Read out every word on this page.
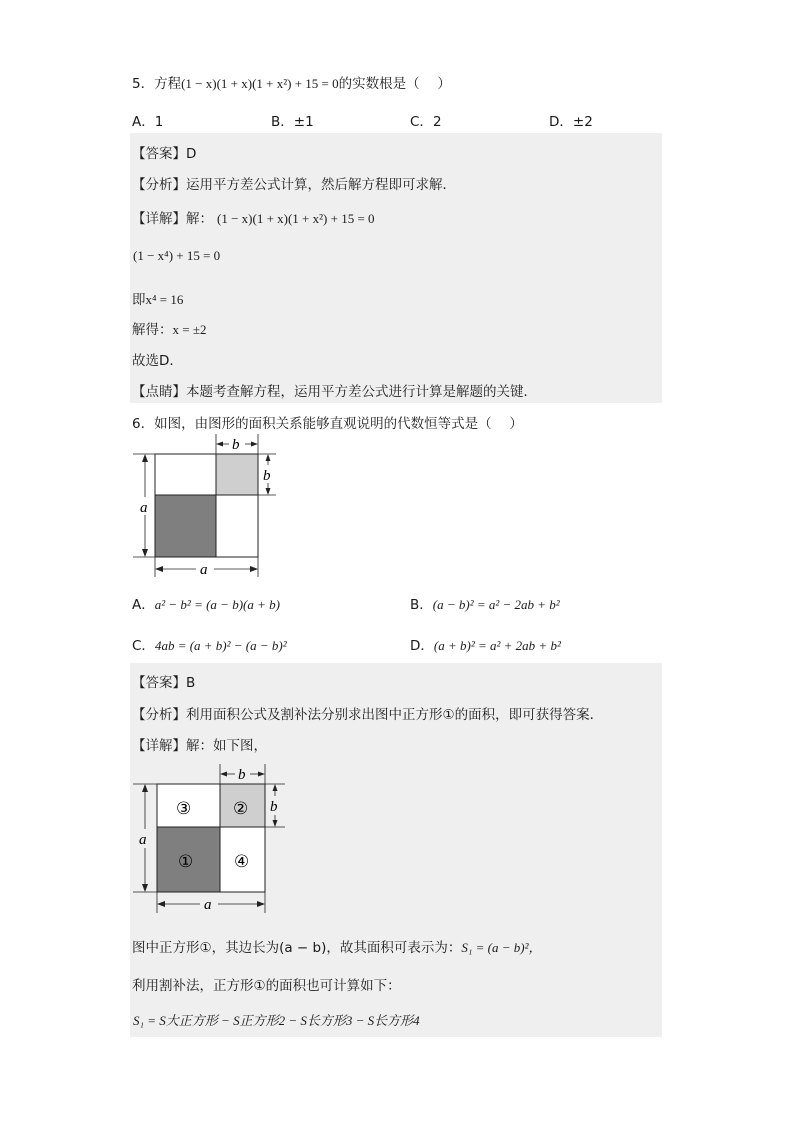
5．方程(1 − x)(1 + x)(1 + x²) + 15 = 0的实数根是（　 ）
A．1	B．±1	C．2	D．±2
【答案】D
【分析】运用平方差公式计算，然后解方程即可求解．
【详解】解： (1 − x)(1 + x)(1 + x²) + 15 = 0
(1 − x⁴) + 15 = 0
即x⁴ = 16
解得：x = ±2
故选D．
【点睛】本题考查解方程，运用平方差公式进行计算是解题的关键．
6．如图，由图形的面积关系能够直观说明的代数恒等式是（　 ）
a
a
b
b
A．a² − b² = (a − b)(a + b)	B．(a − b)² = a² − 2ab + b²
C．4ab = (a + b)² − (a − b)²	D．(a + b)² = a² + 2ab + b²
【答案】B
【分析】利用面积公式及割补法分别求出图中正方形①的面积，即可获得答案．
【详解】解：如下图，
③ ②
① ④
a
a
b
b
图中正方形①，其边长为(a − b)，故其面积可表示为：S₁ = (a − b)²，
利用割补法，正方形①的面积也可计算如下：
S₁ = S大正方形 − S正方形2 − S长方形3 − S长方形4
